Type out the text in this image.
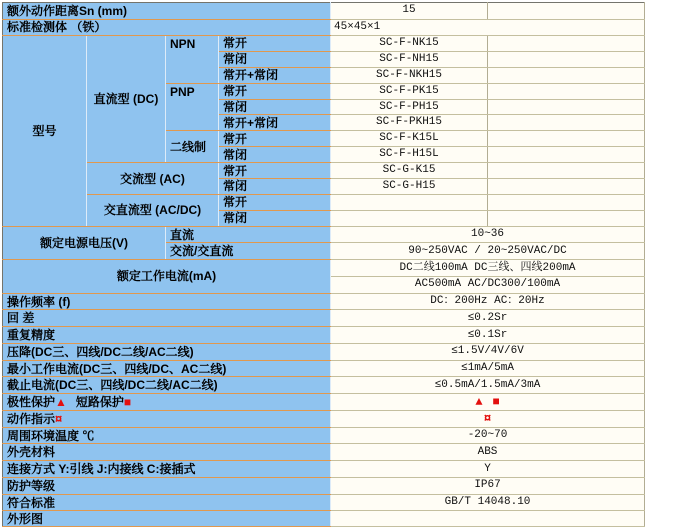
额外动作距离Sn (mm)				15	
标准检测体 （铁）				45×45×1	
型号	直流型 (DC)	NPN	常开	SC-F-NK15	
			常闭	SC-F-NH15	
			常开+常闭	SC-F-NKH15	
		PNP	常开	SC-F-PK15	
			常闭	SC-F-PH15	
			常开+常闭	SC-F-PKH15	
		二线制	常开	SC-F-K15L	
			常闭	SC-F-H15L	
	交流型 (AC)		常开	SC-G-K15	
			常闭	SC-G-H15	
	交直流型 (AC/DC)		常开		
			常闭		
额定电源电压(V)		直流		10~36	
		交流/交直流		90~250VAC / 20~250VAC/DC	
额定工作电流(mA)				DC二线100mA DC三线、四线200mA	
				AC500mA AC/DC300/100mA	
操作频率 (f)				DC：200Hz AC：20Hz	
回 差				≤0.2Sr	
重复精度				≤0.1Sr	
压降(DC三、四线/DC二线/AC二线)				≤1.5V/4V/6V	
最小工作电流(DC三、四线/DC、AC二线)				≤1mA/5mA	
截止电流(DC三、四线/DC二线/AC二线)				≤0.5mA/1.5mA/3mA	
极性保护▲ 短路保护■				▲ ■	
动作指示¤				¤	
周围环境温度 ℃				-20~70	
外壳材料				ABS	
连接方式 Y:引线 J:内接线 C:接插式				Y	
防护等级				IP67	
符合标准				GB/T 14048.10	
外形图					
